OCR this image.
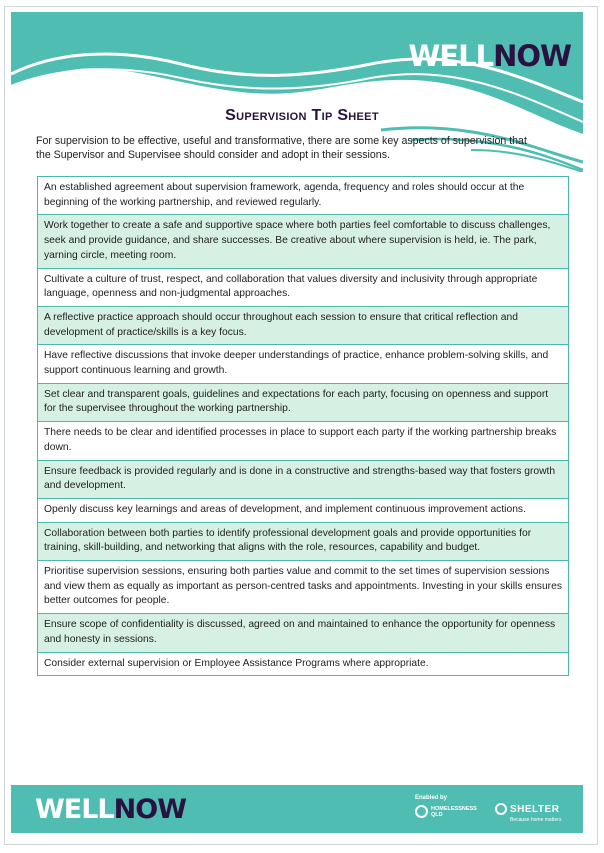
WELLNOW
Supervision Tip Sheet
For supervision to be effective, useful and transformative, there are some key aspects of supervision that the Supervisor and Supervisee should consider and adopt in their sessions.
An established agreement about supervision framework, agenda, frequency and roles should occur at the beginning of the working partnership, and reviewed regularly.
Work together to create a safe and supportive space where both parties feel comfortable to discuss challenges, seek and provide guidance, and share successes. Be creative about where supervision is held, ie. The park, yarning circle, meeting room.
Cultivate a culture of trust, respect, and collaboration that values diversity and inclusivity through appropriate language, openness and non-judgmental approaches.
A reflective practice approach should occur throughout each session to ensure that critical reflection and development of practice/skills is a key focus.
Have reflective discussions that invoke deeper understandings of practice, enhance problem-solving skills, and support continuous learning and growth.
Set clear and transparent goals, guidelines and expectations for each party, focusing on openness and support for the supervisee throughout the working partnership.
There needs to be clear and identified processes in place to support each party if the working partnership breaks down.
Ensure feedback is provided regularly and is done in a constructive and strengths-based way that fosters growth and development.
Openly discuss key learnings and areas of development, and implement continuous improvement actions.
Collaboration between both parties to identify professional development goals and provide opportunities for training, skill-building, and networking that aligns with the role, resources, capability and budget.
Prioritise supervision sessions, ensuring both parties value and commit to the set times of supervision sessions and view them as equally as important as person-centred tasks and appointments. Investing in your skills ensures better outcomes for people.
Ensure scope of confidentiality is discussed, agreed on and maintained to enhance the opportunity for openness and honesty in sessions.
Consider external supervision or Employee Assistance Programs where appropriate.
WELLNOW	Enabled by
HOMELESSNESS QLD	SHELTER
Because home matters
